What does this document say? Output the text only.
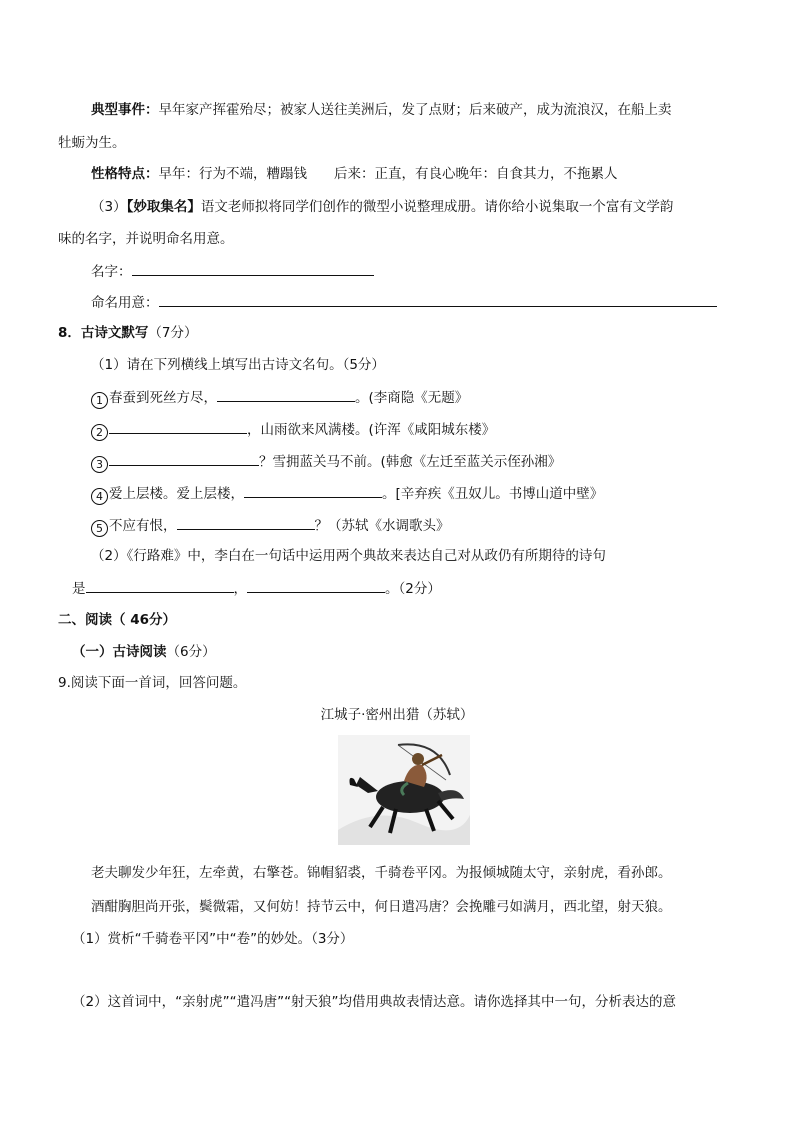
典型事件：早年家产挥霍殆尽；被家人送往美洲后，发了点财；后来破产，成为流浪汉，在船上卖
牡蛎为生。
性格特点：早年：行为不端，糟蹋钱　　后来：正直，有良心晚年：自食其力，不拖累人
（3）【妙取集名】语文老师拟将同学们创作的微型小说整理成册。请你给小说集取一个富有文学韵
味的名字，并说明命名用意。
名字：
命名用意：
8．古诗文默写（7分）
（1）请在下列横线上填写出古诗文名句。（5分）
1 春蚕到死丝方尽，	。(李商隐《无题》
2	，山雨欲来风满楼。(许浑《咸阳城东楼》
3	？雪拥蓝关马不前。(韩愈《左迁至蓝关示侄孙湘》
4 爱上层楼。爱上层楼，	。[辛弃疾《丑奴儿。书博山道中壁》
5 不应有恨，	？（苏轼《水调歌头》
（2）《行路难》中，李白在一句话中运用两个典故来表达自己对从政仍有所期待的诗句
是	，	。（2分）
二、阅读（ 46分）
（一）古诗阅读（6分）
9.阅读下面一首词，回答问题。
江城子·密州出猎（苏轼）
老夫聊发少年狂，左牵黄，右擎苍。锦帽貂裘，千骑卷平冈。为报倾城随太守，亲射虎，看孙郎。
酒酣胸胆尚开张，鬓微霜，又何妨！持节云中，何日遣冯唐？会挽雕弓如满月，西北望，射天狼。
（1）赏析“千骑卷平冈”中“卷”的妙处。（3分）
（2）这首词中，“亲射虎”“遣冯唐”“射天狼”均借用典故表情达意。请你选择其中一句，分析表达的意
